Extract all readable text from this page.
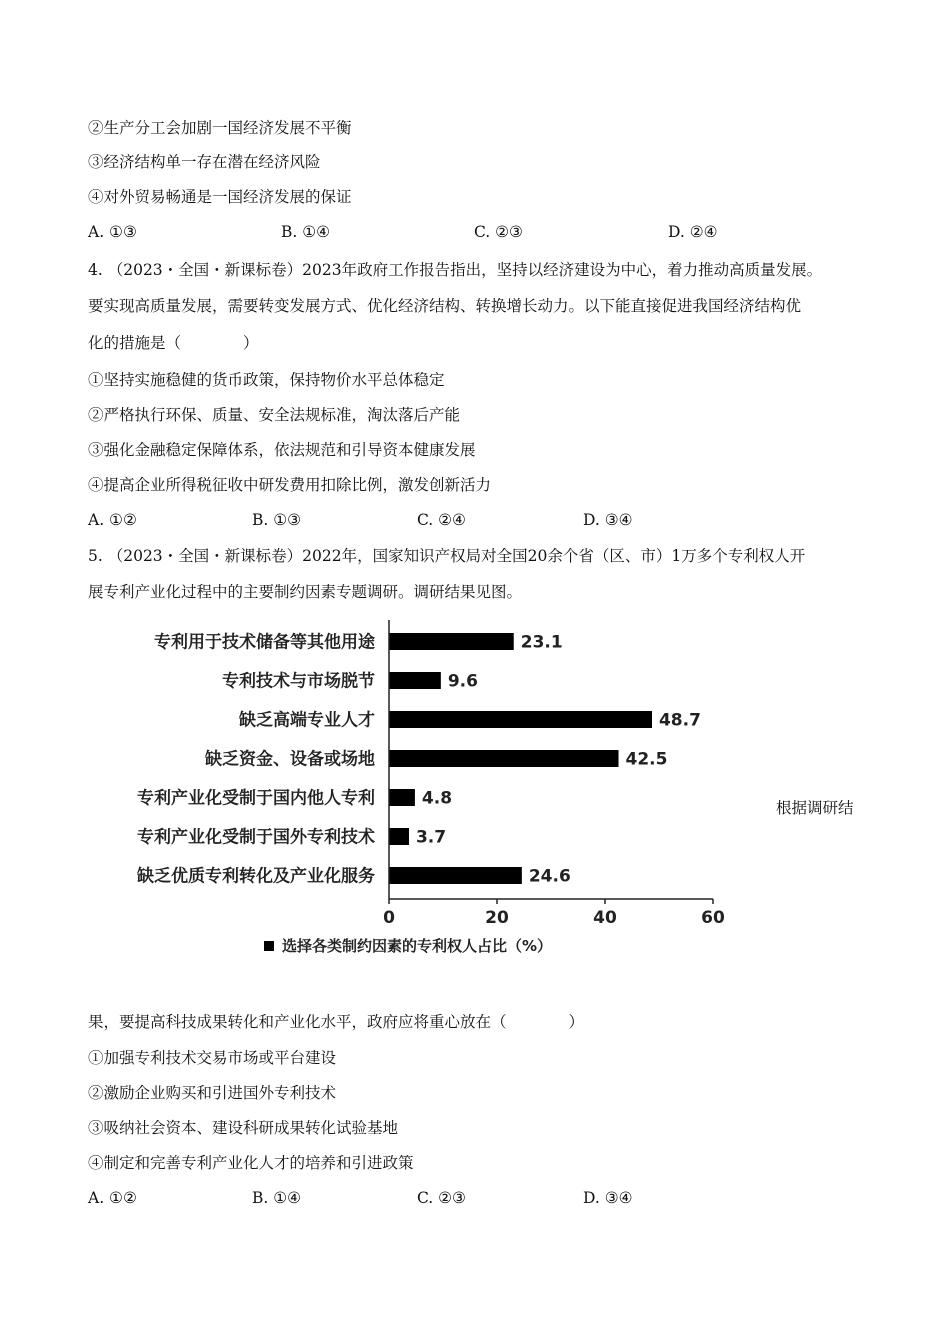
②生产分工会加剧一国经济发展不平衡
③经济结构单一存在潜在经济风险
④对外贸易畅通是一国经济发展的保证
A. ①③	B. ①④	C. ②③	D. ②④
4. （2023・全国・新课标卷）2023年政府工作报告指出，坚持以经济建设为中心，着力推动高质量发展。
要实现高质量发展，需要转变发展方式、优化经济结构、转换增长动力。以下能直接促进我国经济结构优
化的措施是（　　　　）
①坚持实施稳健的货币政策，保持物价水平总体稳定
②严格执行环保、质量、安全法规标准，淘汰落后产能
③强化金融稳定保障体系，依法规范和引导资本健康发展
④提高企业所得税征收中研发费用扣除比例，激发创新活力
A. ①②	B. ①③	C. ②④	D. ③④
5. （2023・全国・新课标卷）2022年，国家知识产权局对全国20余个省（区、市）1万多个专利权人开
展专利产业化过程中的主要制约因素专题调研。调研结果见图。
专利用于技术储备等其他用途	23.1
专利技术与市场脱节	9.6
缺乏高端专业人才	48.7
缺乏资金、设备或场地	42.5
专利产业化受制于国内他人专利	4.8
专利产业化受制于国外专利技术 3.7
缺乏优质专利转化及产业化服务	24.6
0	20	40	60
选择各类制约因素的专利权人占比（%）
根据调研结
果，要提高科技成果转化和产业化水平，政府应将重心放在（　　　　）
①加强专利技术交易市场或平台建设
②激励企业购买和引进国外专利技术
③吸纳社会资本、建设科研成果转化试验基地
④制定和完善专利产业化人才的培养和引进政策
A. ①②	B. ①④	C. ②③	D. ③④
